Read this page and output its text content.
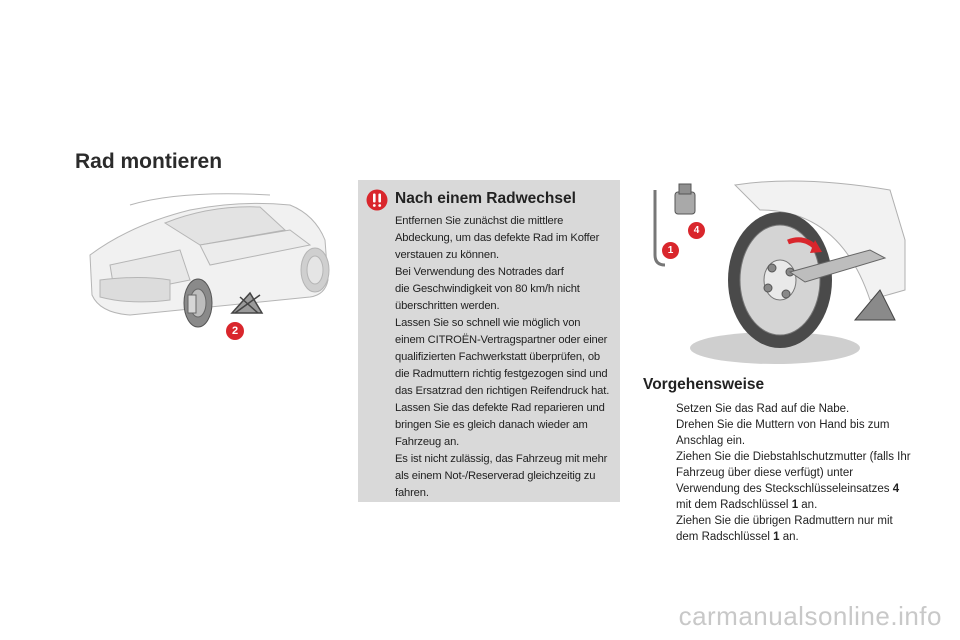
Rad montieren
2
Nach einem Radwechsel
Entfernen Sie zunächst die mittlere
Abdeckung, um das defekte Rad im Koffer
verstauen zu können.
Bei Verwendung des Notrades darf
die Geschwindigkeit von 80 km/h nicht
überschritten werden.
Lassen Sie so schnell wie möglich von
einem CITROËN-Vertragspartner oder einer
qualifizierten Fachwerkstatt überprüfen, ob
die Radmuttern richtig festgezogen sind und
das Ersatzrad den richtigen Reifendruck hat.
Lassen Sie das defekte Rad reparieren und
bringen Sie es gleich danach wieder am
Fahrzeug an.
Es ist nicht zulässig, das Fahrzeug mit mehr
als einem Not-/Reserverad gleichzeitig zu
fahren.
4
1
Vorgehensweise
Setzen Sie das Rad auf die Nabe.
Drehen Sie die Muttern von Hand bis zum Anschlag ein.
Ziehen Sie die Diebstahlschutzmutter (falls Ihr Fahrzeug über diese verfügt) unter Verwendung des Steckschlüsseleinsatzes 4 mit dem Radschlüssel 1 an.
Ziehen Sie die übrigen Radmuttern nur mit dem Radschlüssel 1 an.
carmanualsonline.info
